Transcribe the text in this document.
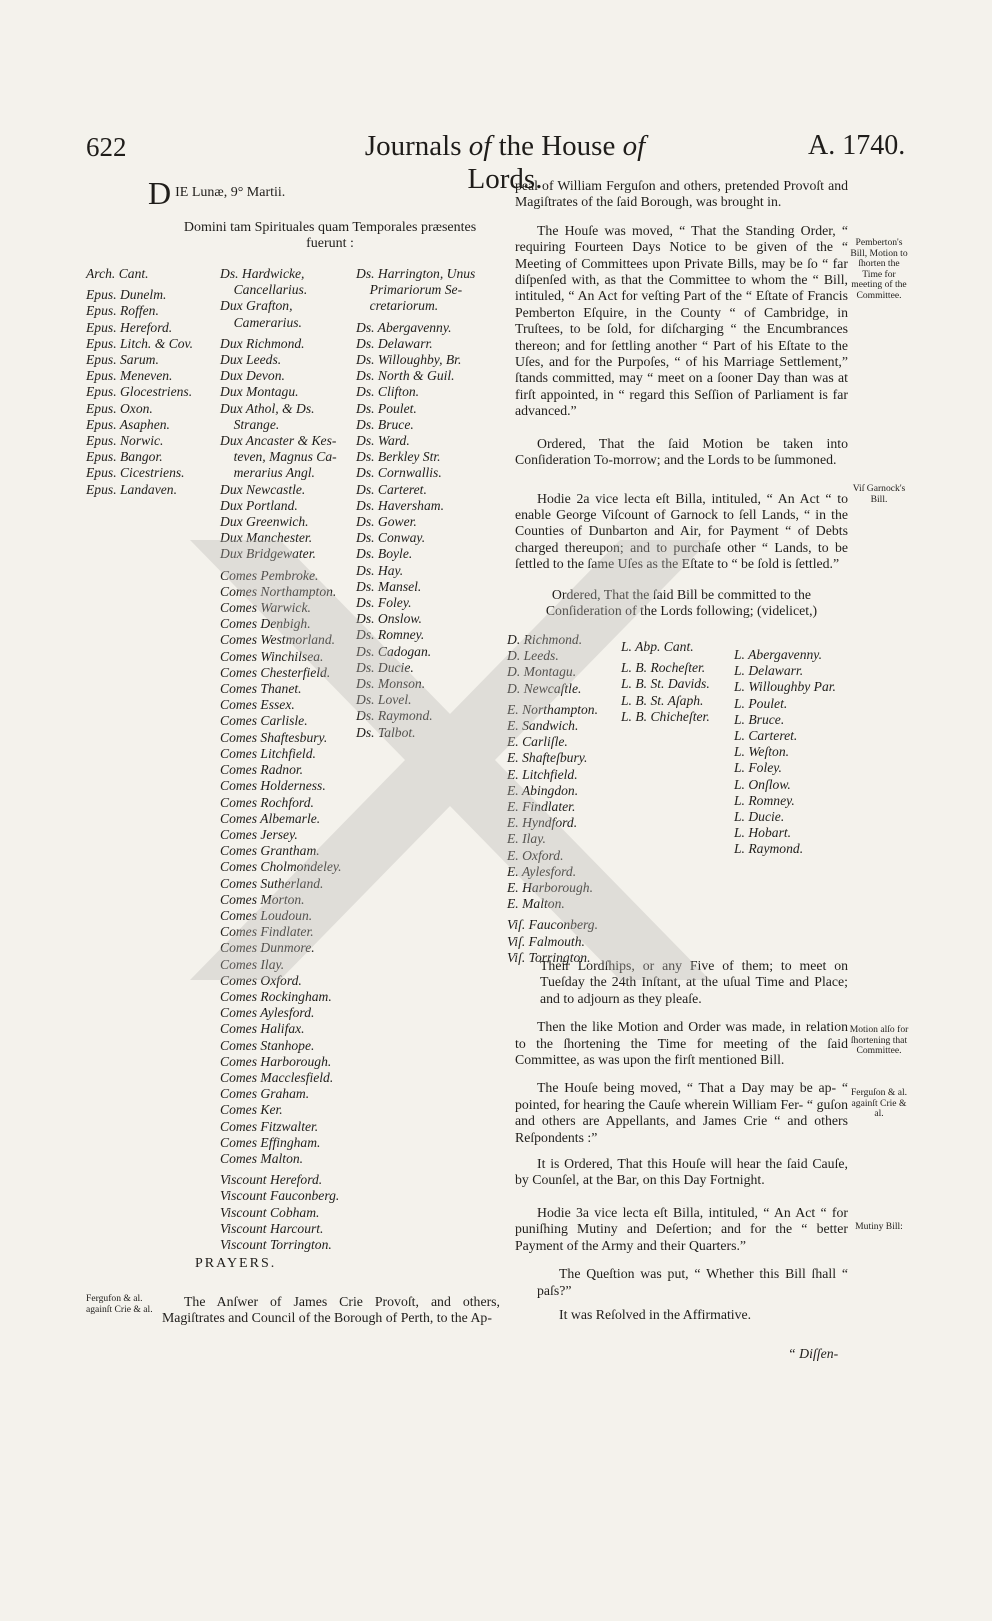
622	Journals of the House of Lords.
A. 1740.
D IE Lunæ, 9° Martii.
Domini tam Spirituales quam Temporales præsentes
fuerunt :
Arch. Cant.
Epus. Dunelm.
Epus. Roffen.
Epus. Hereford.
Epus. Litch. & Cov.
Epus. Sarum.
Epus. Meneven.
Epus. Glocestriens.
Epus. Oxon.
Epus. Asaphen.
Epus. Norwic.
Epus. Bangor.
Epus. Cicestriens.
Epus. Landaven.
Ds. Hardwicke,
 Cancellarius.
Dux Grafton,
 Camerarius.
Dux Richmond.
Dux Leeds.
Dux Devon.
Dux Montagu.
Dux Athol, & Ds.
 Strange.
Dux Ancaster & Kes-
 teven, Magnus Ca-
 merarius Angl.
Dux Newcastle.
Dux Portland.
Dux Greenwich.
Dux Manchester.
Dux Bridgewater.
Comes Pembroke.
Comes Northampton.
Comes Warwick.
Comes Denbigh.
Comes Westmorland.
Comes Winchilsea.
Comes Chesterfield.
Comes Thanet.
Comes Essex.
Comes Carlisle.
Comes Shaftesbury.
Comes Litchfield.
Comes Radnor.
Comes Holderness.
Comes Rochford.
Comes Albemarle.
Comes Jersey.
Comes Grantham.
Comes Cholmondeley.
Comes Sutherland.
Comes Morton.
Comes Loudoun.
Comes Findlater.
Comes Dunmore.
Comes Ilay.
Comes Oxford.
Comes Rockingham.
Comes Aylesford.
Comes Halifax.
Comes Stanhope.
Comes Harborough.
Comes Macclesfield.
Comes Graham.
Comes Ker.
Comes Fitzwalter.
Comes Effingham.
Comes Malton.
Viscount Hereford.
Viscount Fauconberg.
Viscount Cobham.
Viscount Harcourt.
Viscount Torrington.
Ds. Harrington, Unus
 Primariorum Se-
 cretariorum.
Ds. Abergavenny.
Ds. Delawarr.
Ds. Willoughby, Br.
Ds. North & Guil.
Ds. Clifton.
Ds. Poulet.
Ds. Bruce.
Ds. Ward.
Ds. Berkley Str.
Ds. Cornwallis.
Ds. Carteret.
Ds. Haversham.
Ds. Gower.
Ds. Conway.
Ds. Boyle.
Ds. Hay.
Ds. Mansel.
Ds. Foley.
Ds. Onslow.
Ds. Romney.
Ds. Cadogan.
Ds. Ducie.
Ds. Monson.
Ds. Lovel.
Ds. Raymond.
Ds. Talbot.
PRAYERS.
Fergufon & al. againſt Crie & al.	The Anſwer of James Crie Provoſt, and others, Magiſtrates and Council of the Borough of Perth, to the Ap-

peal of William Ferguſon and others, pretended Provoſt and Magiſtrates of the ſaid Borough, was brought in.

The Houſe was moved, “ That the Standing Order, “ requiring Fourteen Days Notice to be given of the “ Meeting of Committees upon Private Bills, may be ſo “ far diſpenſed with, as that the Committee to whom the “ Bill, intituled, “ An Act for veſting Part of the “ Eſtate of Francis Pemberton Eſquire, in the County “ of Cambridge, in Truſtees, to be ſold, for diſcharging “ the Encumbrances thereon; and for ſettling another “ Part of his Eſtate to the Uſes, and for the Purpoſes, “ of his Marriage Settlement,” ſtands committed, may “ meet on a ſooner Day than was at firſt appointed, in “ regard this Seſſion of Parliament is far advanced.”

Ordered, That the ſaid Motion be taken into Conſideration To-morrow; and the Lords to be ſummoned.

Hodie 2a vice lecta eſt Billa, intituled, “ An Act “ to enable George Viſcount of Garnock to ſell Lands, “ in the Counties of Dunbarton and Air, for Payment “ of Debts charged thereupon; and to purchaſe other “ Lands, to be ſettled to the ſame Uſes as the Eſtate to “ be ſold is ſettled.”

Ordered, That the ſaid Bill be committed to the Conſideration of the Lords following; (videlicet,)

Pemberton's Bill, Motion to ſhorten the Time for meeting of the Committee.
Viſ Garnock's Bill.
D. Richmond.
D. Leeds.
D. Montagu.
D. Newcaſtle.
E. Northampton.
E. Sandwich.
E. Carliſle.
E. Shafteſbury.
E. Litchfield.
E. Abingdon.
E. Findlater.
E. Hyndford.
E. Ilay.
E. Oxford.
E. Aylesford.
E. Harborough.
E. Malton.
Viſ. Fauconberg.
Viſ. Falmouth.
Viſ. Torrington.
L. Abp. Cant.
L. B. Rocheſter.
L. B. St. Davids.
L. B. St. Aſaph.
L. B. Chicheſter.
L. Abergavenny.
L. Delawarr.
L. Willoughby Par.
L. Poulet.
L. Bruce.
L. Carteret.
L. Weſton.
L. Foley.
L. Onſlow.
L. Romney.
L. Ducie.
L. Hobart.
L. Raymond.

Their Lordſhips, or any Five of them; to meet on Tueſday the 24th Inſtant, at the uſual Time and Place; and to adjourn as they pleaſe.

Then the like Motion and Order was made, in relation to the ſhortening the Time for meeting of the ſaid Committee, as was upon the firſt mentioned Bill.

The Houſe being moved, “ That a Day may be ap- “ pointed, for hearing the Cauſe wherein William Fer- “ guſon and others are Appellants, and James Crie “ and others Reſpondents :”

It is Ordered, That this Houſe will hear the ſaid Cauſe, by Counſel, at the Bar, on this Day Fortnight.

Hodie 3a vice lecta eſt Billa, intituled, “ An Act “ for puniſhing Mutiny and Deſertion; and for the “ better Payment of the Army and their Quarters.”

The Queſtion was put, “ Whether this Bill ſhall “ paſs?”

It was Reſolved in the Affirmative.

Motion alſo for ſhortening that Committee.
Ferguſon & al. againſt Crie & al.
Mutiny Bill:
“ Diſſen-
